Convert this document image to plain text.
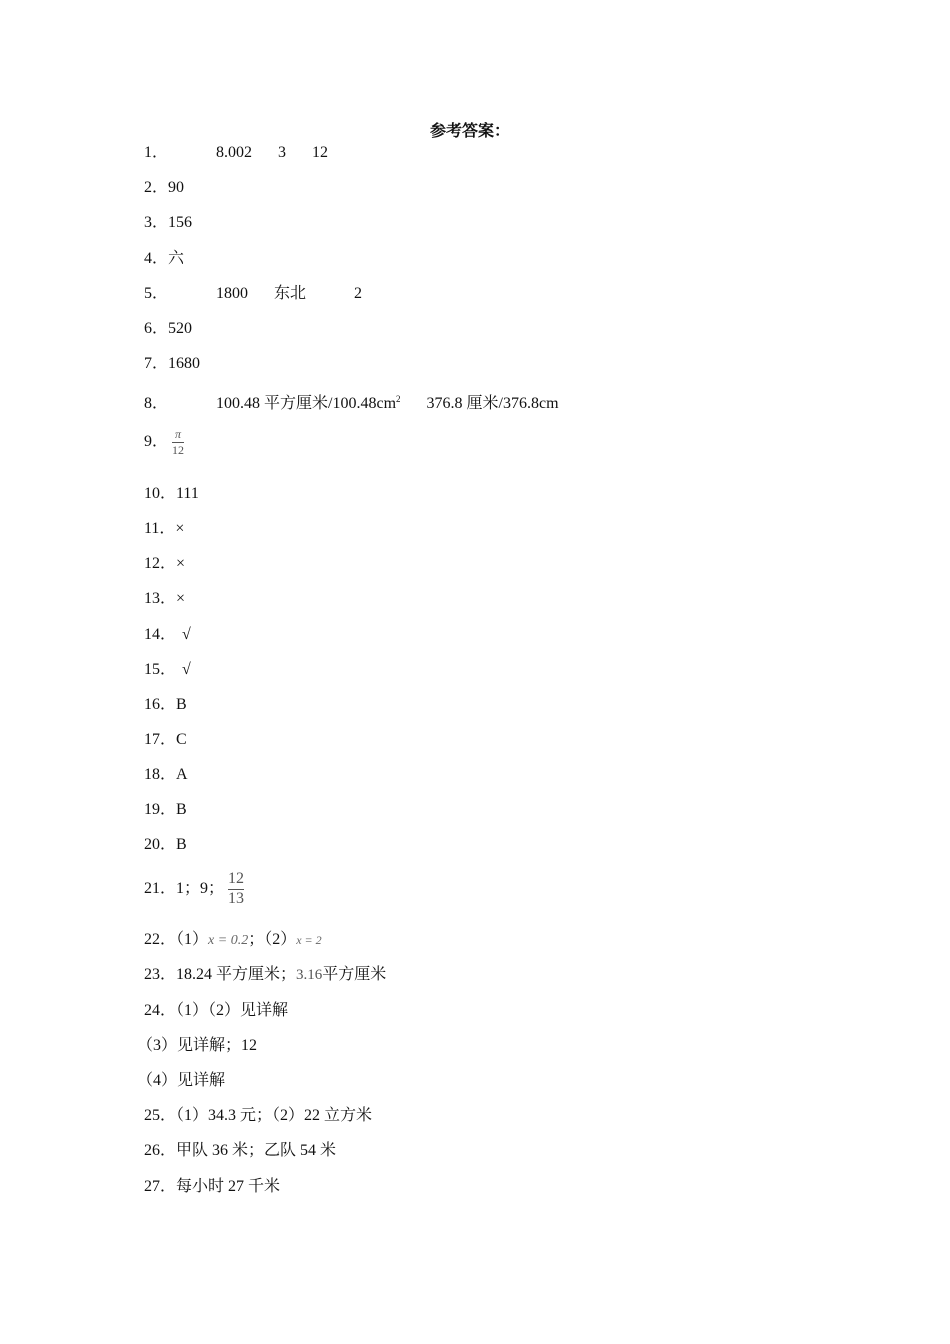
参考答案：
1．	8.002 3 12
2．90
3．156
4．六
5．	1800 东北	2
6．520
7．1680
8．	100.48 平方厘米$/100.48cm^2$ 376.8 厘米/376.8cm
9． $\frac{\pi}{12}$
10．111
11．×
12．×
13．×
14． √
15． √
16．B
17．C
18．A
19．B
20．B
21．1；9； $\frac{12}{13}$
22．（1）x = 0.2；（2）x = 2
23．18.24 平方厘米；3.16平方厘米
24．（1）（2）见详解
（3）见详解；12
（4）见详解
25．（1）34.3 元；（2）22 立方米
26．甲队 36 米；乙队 54 米
27．每小时 27 千米
